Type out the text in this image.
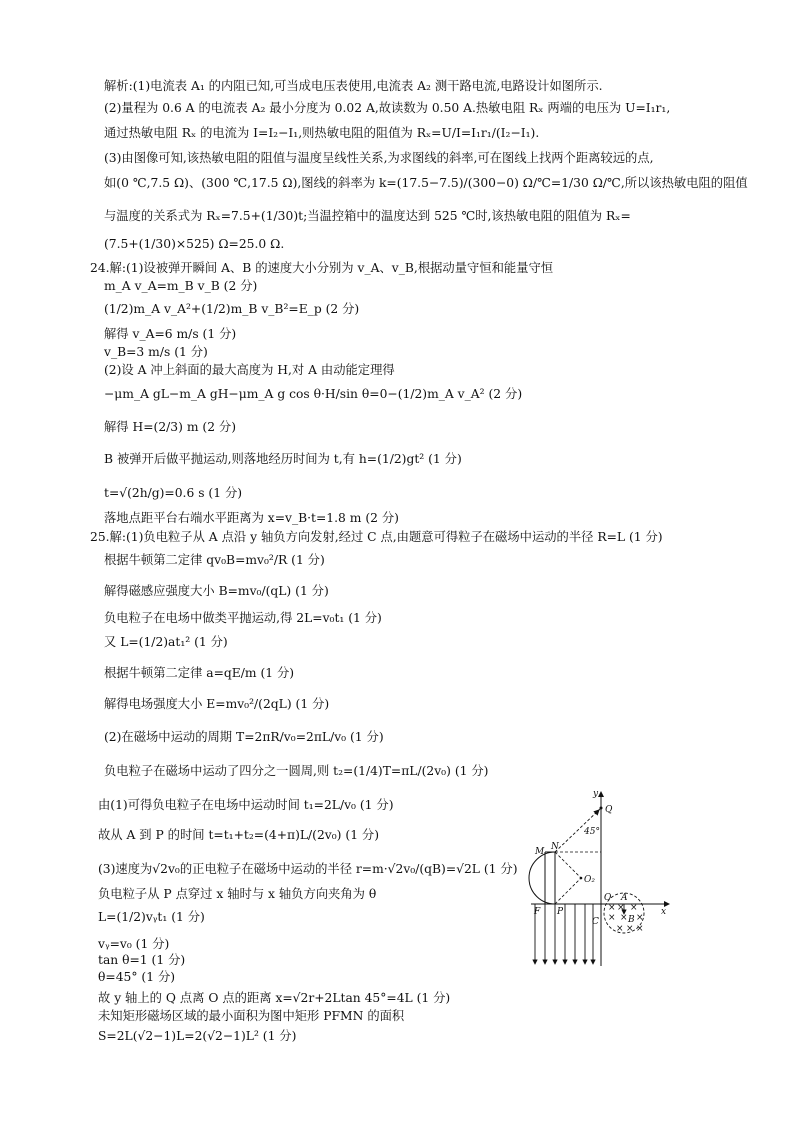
解析:(1)电流表 A₁ 的内阻已知,可当成电压表使用,电流表 A₂ 测干路电流,电路设计如图所示.
(2)量程为 0.6 A 的电流表 A₂ 最小分度为 0.02 A,故读数为 0.50 A.热敏电阻 Rₓ 两端的电压为 U=I₁r₁,
通过热敏电阻 Rₓ 的电流为 I=I₂−I₁,则热敏电阻的阻值为 Rₓ=U/I=I₁r₁/(I₂−I₁).
(3)由图像可知,该热敏电阻的阻值与温度呈线性关系,为求图线的斜率,可在图线上找两个距离较远的点,
如(0 ℃,7.5 Ω)、(300 ℃,17.5 Ω),图线的斜率为 k=(17.5−7.5)/(300−0) Ω/℃=1/30 Ω/℃,所以该热敏电阻的阻值
与温度的关系式为 Rₓ=7.5+(1/30)t;当温控箱中的温度达到 525 ℃时,该热敏电阻的阻值为 Rₓ=
(7.5+(1/30)×525) Ω=25.0 Ω.
24.解:(1)设被弹开瞬间 A、B 的速度大小分别为 v_A、v_B,根据动量守恒和能量守恒
m_A v_A=m_B v_B (2 分)
(1/2)m_A v_A²+(1/2)m_B v_B²=E_p (2 分)
解得 v_A=6 m/s (1 分)
v_B=3 m/s (1 分)
(2)设 A 冲上斜面的最大高度为 H,对 A 由动能定理得
−μm_A gL−m_A gH−μm_A g cos θ·H/sin θ=0−(1/2)m_A v_A² (2 分)
解得 H=(2/3) m (2 分)
B 被弹开后做平抛运动,则落地经历时间为 t,有 h=(1/2)gt² (1 分)
t=√(2h/g)=0.6 s (1 分)
落地点距平台右端水平距离为 x=v_B·t=1.8 m (2 分)
25.解:(1)负电粒子从 A 点沿 y 轴负方向发射,经过 C 点,由题意可得粒子在磁场中运动的半径 R=L (1 分)
根据牛顿第二定律 qv₀B=mv₀²/R (1 分)
解得磁感应强度大小 B=mv₀/(qL) (1 分)
负电粒子在电场中做类平抛运动,得 2L=v₀t₁ (1 分)
又 L=(1/2)at₁² (1 分)
根据牛顿第二定律 a=qE/m (1 分)
解得电场强度大小 E=mv₀²/(2qL) (1 分)
(2)在磁场中运动的周期 T=2πR/v₀=2πL/v₀ (1 分)
负电粒子在磁场中运动了四分之一圆周,则 t₂=(1/4)T=πL/(2v₀) (1 分)
由(1)可得负电粒子在电场中运动时间 t₁=2L/v₀ (1 分)
故从 A 到 P 的时间 t=t₁+t₂=(4+π)L/(2v₀) (1 分)
(3)速度为√2v₀的正电粒子在磁场中运动的半径 r=m·√2v₀/(qB)=√2L (1 分)
负电粒子从 P 点穿过 x 轴时与 x 轴负方向夹角为 θ
L=(1/2)vᵧt₁ (1 分)
vᵧ=v₀ (1 分)
tan θ=1 (1 分)
θ=45° (1 分)
故 y 轴上的 Q 点离 O 点的距离 x=√2r+2Ltan 45°=4L (1 分)
未知矩形磁场区域的最小面积为图中矩形 PFMN 的面积
S=2L(√2−1)L=2(√2−1)L² (1 分)
y
x
Q
45°
O₂
M N
F P
O A
C	B
× × ×
× × ×
× × ×
